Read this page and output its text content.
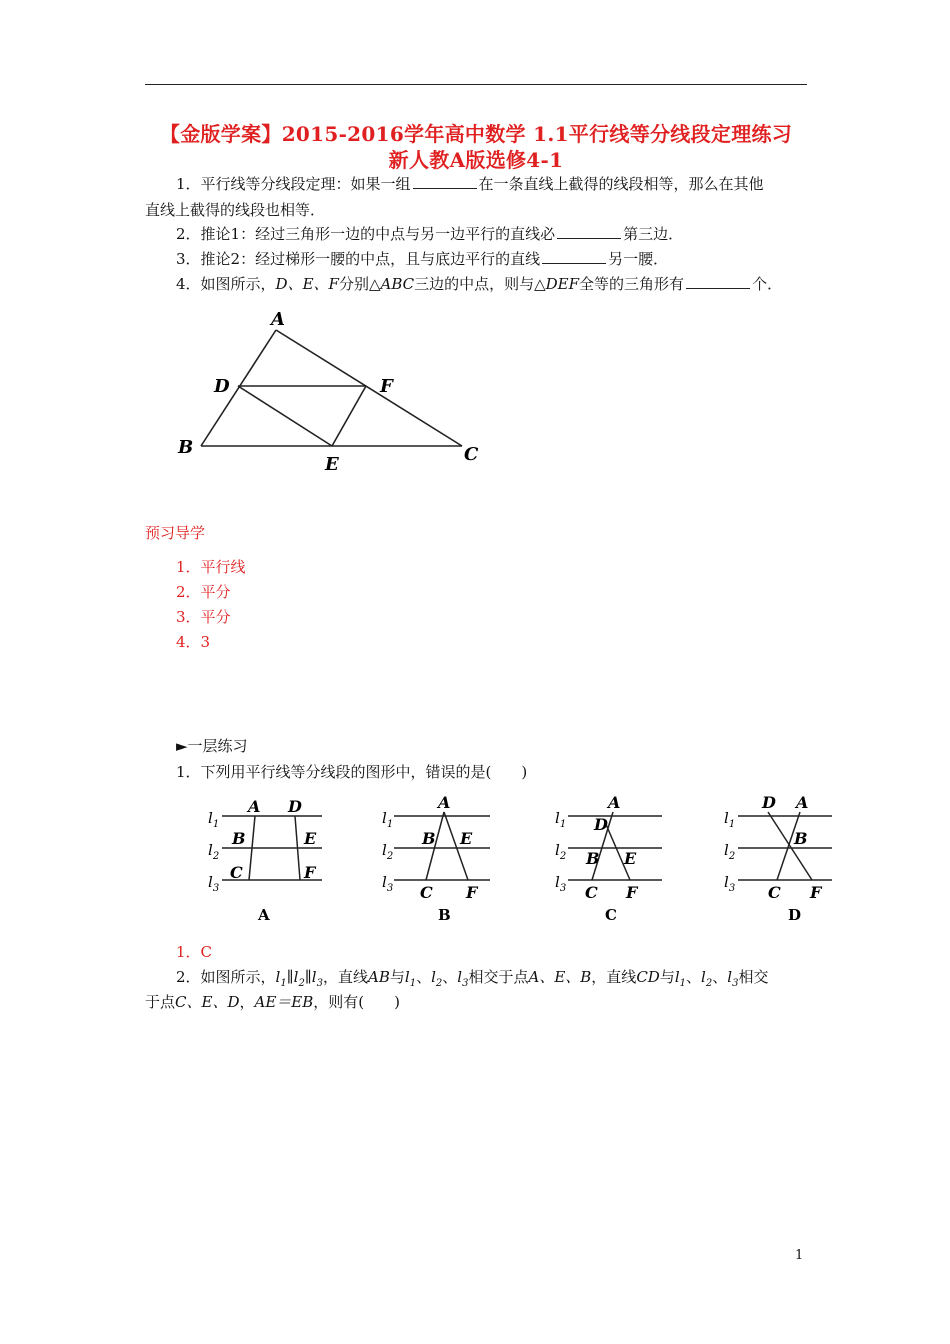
【金版学案】2015-2016学年高中数学 1.1平行线等分线段定理练习
新人教A版选修4-1
1．平行线等分线段定理：如果一组	在一条直线上截得的线段相等，那么在其他
直线上截得的线段也相等．
2．推论1：经过三角形一边的中点与另一边平行的直线必	第三边．
3．推论2：经过梯形一腰的中点，且与底边平行的直线	另一腰．
4．如图所示，D、E、F分别△ABC三边的中点，则与△DEF全等的三角形有	个．
A
D	F
B
E	C
预习导学
1．平行线
2．平分
3．平分
4．3
►一层练习
1．下列用平行线等分线段的图形中，错误的是(　　)
A D
B	E
C	F
$l_1$
$l_2$
$l_3$
A
A
B E
C F
$l_1$
$l_2$
$l_3$
B
A
D
B E
C F
$l_1$
$l_2$
$l_3$
C
D A
B
C F
$l_1$
$l_2$
$l_3$
D
1．C
2．如图所示，$l_1\parallel l_2\parallel l_3$，直线AB与$l_1$、$l_2$、$l_3$相交于点A、E、B，直线CD与$l_1$、$l_2$、$l_3$相交
于点C、E、D，AE＝EB，则有(　　)
1
